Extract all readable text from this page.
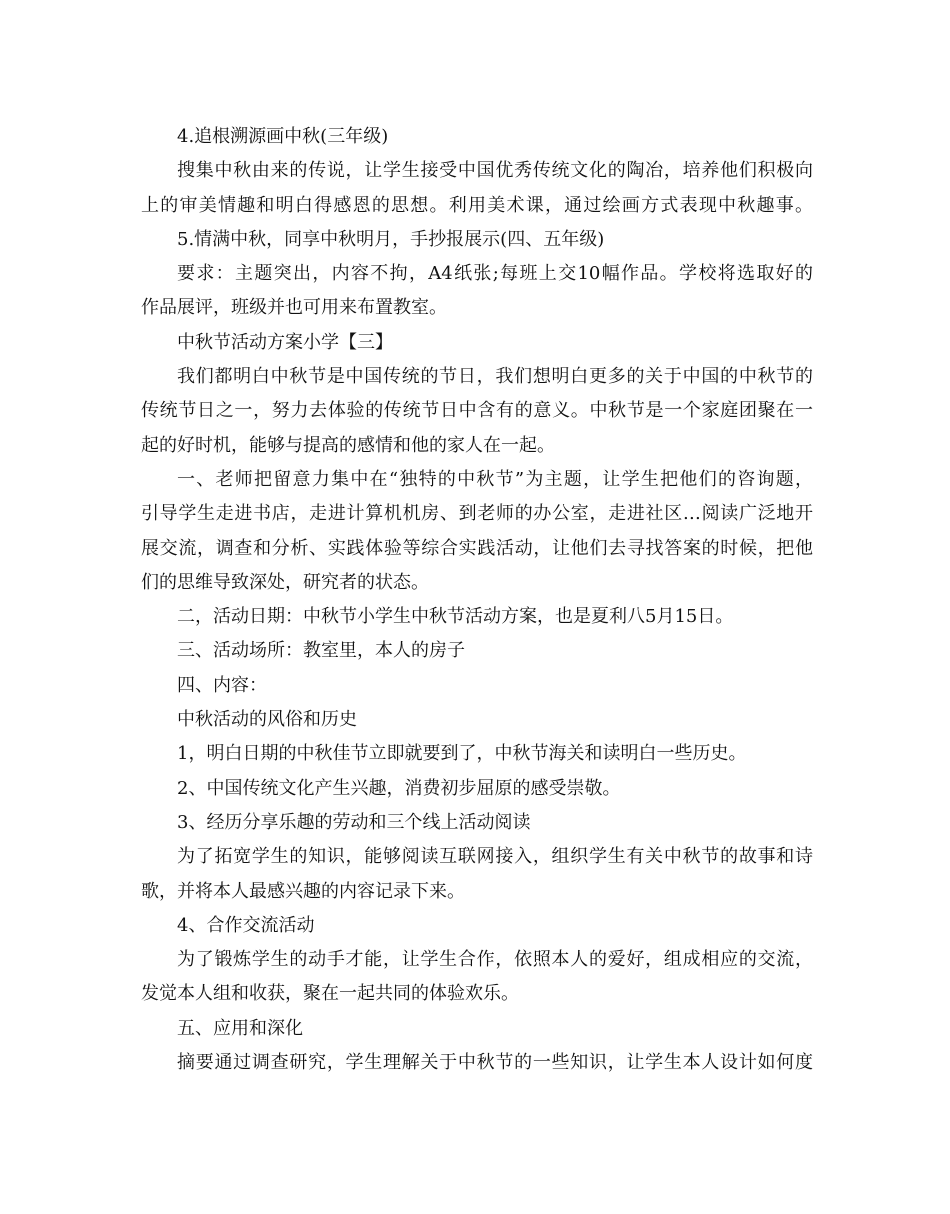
4.追根溯源画中秋(三年级)
搜集中秋由来的传说，让学生接受中国优秀传统文化的陶冶，培养他们积极向
上的审美情趣和明白得感恩的思想。利用美术课，通过绘画方式表现中秋趣事。
5.情满中秋，同享中秋明月，手抄报展示(四、五年级)
要求：主题突出，内容不拘，A4纸张;每班上交10幅作品。学校将选取好的
作品展评，班级并也可用来布置教室。
中秋节活动方案小学【三】
我们都明白中秋节是中国传统的节日，我们想明白更多的关于中国的中秋节的
传统节日之一，努力去体验的传统节日中含有的意义。中秋节是一个家庭团聚在一
起的好时机，能够与提高的感情和他的家人在一起。
一、老师把留意力集中在“独特的中秋节”为主题，让学生把他们的咨询题，
引导学生走进书店，走进计算机机房、到老师的办公室，走进社区…阅读广泛地开
展交流，调查和分析、实践体验等综合实践活动，让他们去寻找答案的时候，把他
们的思维导致深处，研究者的状态。
二，活动日期：中秋节小学生中秋节活动方案，也是夏利八5月15日。
三、活动场所：教室里，本人的房子
四、内容：
中秋活动的风俗和历史
1，明白日期的中秋佳节立即就要到了，中秋节海关和读明白一些历史。
2、中国传统文化产生兴趣，消费初步屈原的感受崇敬。
3、经历分享乐趣的劳动和三个线上活动阅读
为了拓宽学生的知识，能够阅读互联网接入，组织学生有关中秋节的故事和诗
歌，并将本人最感兴趣的内容记录下来。
4、合作交流活动
为了锻炼学生的动手才能，让学生合作，依照本人的爱好，组成相应的交流，
发觉本人组和收获，聚在一起共同的体验欢乐。
五、应用和深化
摘要通过调查研究，学生理解关于中秋节的一些知识，让学生本人设计如何度
